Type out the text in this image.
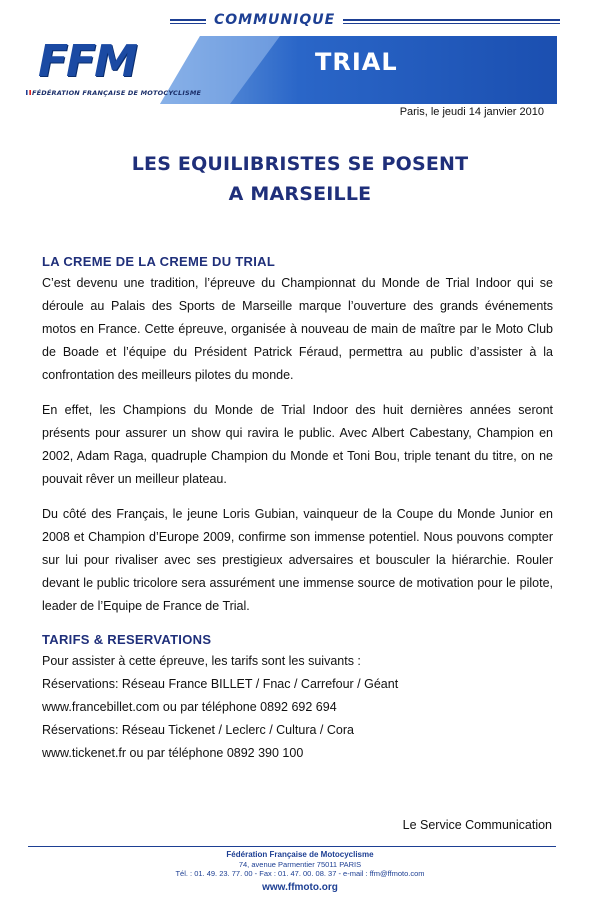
COMMUNIQUE
TRIAL
FFM
FÉDÉRATION FRANÇAISE DE MOTOCYCLISME
Paris, le jeudi 14 janvier 2010
LES EQUILIBRISTES SE POSENT
A MARSEILLE

LA CREME DE LA CREME DU TRIAL

C’est devenu une tradition, l’épreuve du Championnat du Monde de Trial Indoor qui se déroule au Palais des Sports de Marseille marque l’ouverture des grands événements motos en France. Cette épreuve, organisée à nouveau de main de maître par le Moto Club de Boade et l’équipe du Président Patrick Féraud, permettra au public d’assister à la confrontation des meilleurs pilotes du monde.

En effet, les Champions du Monde de Trial Indoor des huit dernières années seront présents pour assurer un show qui ravira le public. Avec Albert Cabestany, Champion en 2002, Adam Raga, quadruple Champion du Monde et Toni Bou, triple tenant du titre, on ne pouvait rêver un meilleur plateau.

Du côté des Français, le jeune Loris Gubian, vainqueur de la Coupe du Monde Junior en 2008 et Champion d’Europe 2009, confirme son immense potentiel. Nous pouvons compter sur lui pour rivaliser avec ses prestigieux adversaires et bousculer la hiérarchie. Rouler devant le public tricolore sera assurément une immense source de motivation pour le pilote, leader de l’Equipe de France de Trial.

TARIFS & RESERVATIONS

Pour assister à cette épreuve, les tarifs sont les suivants :

Réservations: Réseau France BILLET / Fnac / Carrefour / Géant

www.francebillet.com ou par téléphone 0892 692 694

Réservations: Réseau Tickenet / Leclerc / Cultura / Cora

www.tickenet.fr ou par téléphone 0892 390 100

Le Service Communication
Fédération Française de Motocyclisme
74, avenue Parmentier 75011 PARIS
Tél. : 01. 49. 23. 77. 00 - Fax : 01. 47. 00. 08. 37 - e-mail : ffm@ffmoto.com
www.ffmoto.org
